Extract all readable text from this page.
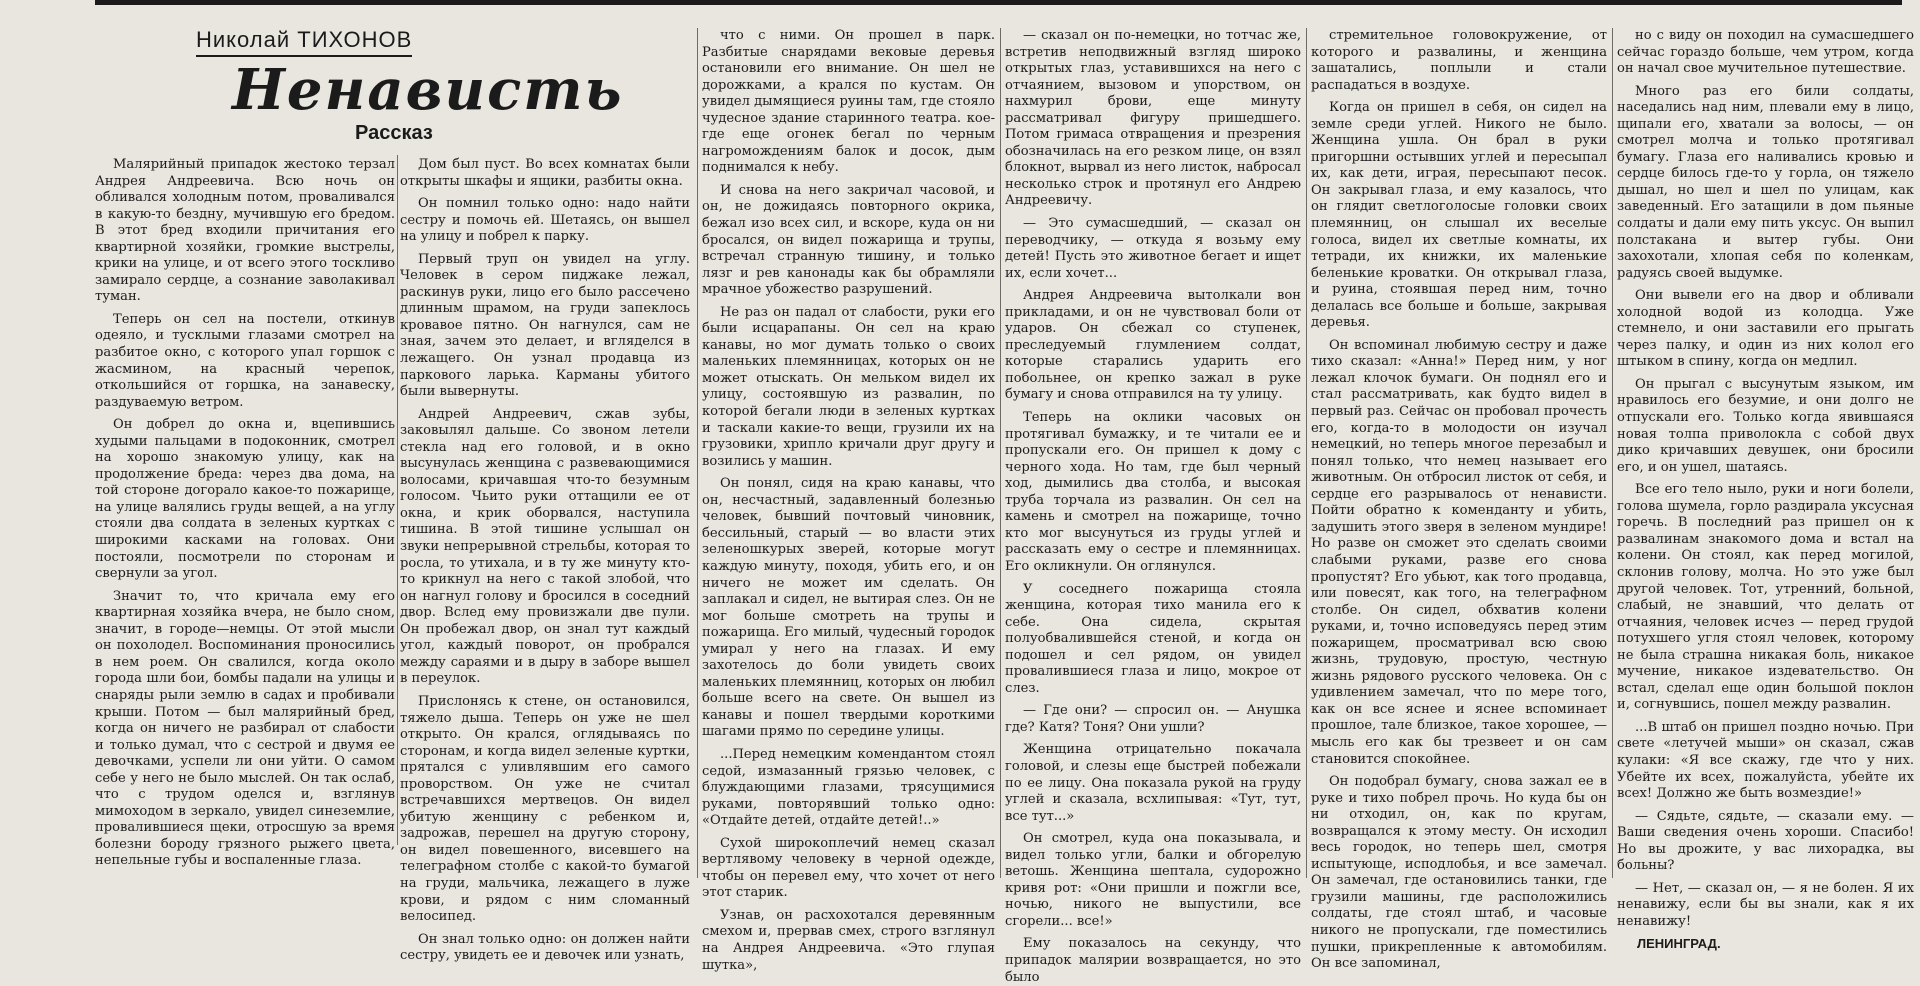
Николай ТИХОНОВ
Ненависть
Рассказ

Малярийный припадок жестоко терзал Андрея Андреевича. Всю ночь он обливался холодным потом, проваливался в какую-то бездну, мучившую его бредом. В этот бред входили причитания его квартирной хозяйки, громкие выстрелы, крики на улице, и от всего этого тоскливо замирало сердце, а сознание заволакивал туман.

Теперь он сел на постели, откинув одеяло, и тусклыми глазами смотрел на разбитое окно, с которого упал горшок с жасмином, на красный черепок, откольшийся от горшка, на занавеску, раздуваемую ветром.

Он добрел до окна и, вцепившись худыми пальцами в подоконник, смотрел на хорошо знакомую улицу, как на продолжение бреда: через два дома, на той стороне догорало какое-то пожарище, на улице валялись груды вещей, а на углу стояли два солдата в зеленых куртках с широкими касками на головах. Они постояли, посмотрели по сторонам и свернули за угол.

Значит то, что кричала ему его квартирная хозяйка вчера, не было сном, значит, в городе—немцы. От этой мысли он похолодел. Воспоминания проносились в нем роем. Он свалился, когда около города шли бои, бомбы падали на улицы и снаряды рыли землю в садах и пробивали крыши. Потом — был малярийный бред, когда он ничего не разбирал от слабости и только думал, что с сестрой и двумя ее девочками, успели ли они уйти. О самом себе у него не было мыслей. Он так ослаб, что с трудом оделся и, взглянув мимоходом в зеркало, увидел синеземлие, провалившиеся щеки, отросшую за время болезни бороду грязного рыжего цвета, непельные губы и воспаленные глаза.

Дом был пуст. Во всех комнатах были открыты шкафы и ящики, разбиты окна.

Он помнил только одно: надо найти сестру и помочь ей. Шетаясь, он вышел на улицу и побрел к парку.

Первый труп он увидел на углу. Человек в сером пиджаке лежал, раскинув руки, лицо его было рассечено длинным шрамом, на груди запеклось кровавое пятно. Он нагнулся, сам не зная, зачем это делает, и вгляделся в лежащего. Он узнал продавца из паркового ларька. Карманы убитого были вывернуты.

Андрей Андреевич, сжав зубы, заковылял дальше. Со звоном летели стекла над его головой, и в окно высунулась женщина с развевающимися волосами, кричавшая что-то безумным голосом. Чьито руки оттащили ее от окна, и крик оборвался, наступила тишина. В этой тишине услышал он звуки непрерывной стрельбы, которая то росла, то утихала, и в ту же минуту кто-то крикнул на него с такой злобой, что он нагнул голову и бросился в соседний двор. Вслед ему провизжали две пули. Он пробежал двор, он знал тут каждый угол, каждый поворот, он пробрался между сараями и в дыру в заборе вышел в переулок.

Прислонясь к стене, он остановился, тяжело дыша. Теперь он уже не шел открыто. Он крался, оглядываясь по сторонам, и когда видел зеленые куртки, прятался с уливлявшим его самого проворством. Он уже не считал встречавшихся мертвецов. Он видел убитую женщину с ребенком и, задрожав, перешел на другую сторону, он видел повешенного, висевшего на телеграфном столбе с какой-то бумагой на груди, мальчика, лежащего в луже крови, и рядом с ним сломанный велосипед.

Он знал только одно: он должен найти сестру, увидеть ее и девочек или узнать,

что с ними. Он прошел в парк. Разбитые снарядами вековые деревья остановили его внимание. Он шел не дорожками, а крался по кустам. Он увидел дымящиеся руины там, где стояло чудесное здание старинного театра. кое-где еще огонек бегал по черным нагромождениям балок и досок, дым поднимался к небу.

И снова на него закричал часовой, и он, не дожидаясь повторного окрика, бежал изо всех сил, и вскоре, куда он ни бросался, он видел пожарища и трупы, встречал странную тишину, и только лязг и рев канонады как бы обрамляли мрачное убожество разрушений.

Не раз он падал от слабости, руки его были исцарапаны. Он сел на краю канавы, но мог думать только о своих маленьких племянницах, которых он не может отыскать. Он мельком видел их улицу, состоявшую из развалин, по которой бегали люди в зеленых куртках и таскали какие-то вещи, грузили их на грузовики, хрипло кричали друг другу и возились у машин.

Он понял, сидя на краю канавы, что он, несчастный, задавленный болезнью человек, бывший почтовый чиновник, бессильный, старый — во власти этих зеленошкурых зверей, которые могут каждую минуту, походя, убить его, и он ничего не может им сделать. Он заплакал и сидел, не вытирая слез. Он не мог больше смотреть на трупы и пожарища. Его милый, чудесный городок умирал у него на глазах. И ему захотелось до боли увидеть своих маленьких племянниц, которых он любил больше всего на свете. Он вышел из канавы и пошел твердыми короткими шагами прямо по середине улицы.

...Перед немецким комендантом стоял седой, измазанный грязью человек, с блуждающими глазами, трясущимися руками, повторявший только одно: «Отдайте детей, отдайте детей!..»

Сухой широкоплечий немец сказал вертлявому человеку в черной одежде, чтобы он перевел ему, что хочет от него этот старик.

Узнав, он расхохотался деревянным смехом и, прервав смех, строго взглянул на Андрея Андреевича. «Это глупая шутка»,

— сказал он по-немецки, но тотчас же, встретив неподвижный взгляд широко открытых глаз, уставившихся на него с отчаянием, вызовом и упорством, он нахмурил брови, еще минуту рассматривал фигуру пришедшего. Потом гримаса отвращения и презрения обозначилась на его резком лице, он взял блокнот, вырвал из него листок, набросал несколько строк и протянул его Андрею Андреевичу.

— Это сумасшедший, — сказал он переводчику, — откуда я возьму ему детей! Пусть это животное бегает и ищет их, если хочет...

Андрея Андреевича вытолкали вон прикладами, и он не чувствовал боли от ударов. Он сбежал со ступенек, преследуемый глумлением солдат, которые старались ударить его побольнее, он крепко зажал в руке бумагу и снова отправился на ту улицу.

Теперь на оклики часовых он протягивал бумажку, и те читали ее и пропускали его. Он пришел к дому с черного хода. Но там, где был черный ход, дымились два столба, и высокая труба торчала из развалин. Он сел на камень и смотрел на пожарище, точно кто мог высунуться из груды углей и рассказать ему о сестре и племянницах. Его окликнули. Он оглянулся.

У соседнего пожарища стояла женщина, которая тихо манила его к себе. Она сидела, скрытая полуобвалившейся стеной, и когда он подошел и сел рядом, он увидел провалившиеся глаза и лицо, мокрое от слез.

— Где они? — спросил он. — Анушка где? Катя? Тоня? Они ушли?

Женщина отрицательно покачала головой, и слезы еще быстрей побежали по ее лицу. Она показала рукой на груду углей и сказала, всхлипывая: «Тут, тут, все тут...»

Он смотрел, куда она показывала, и видел только угли, балки и обгорелую ветошь. Женщина шептала, судорожно кривя рот: «Они пришли и пожгли все, ночью, никого не выпустили, все сгорели... все!»

Ему показалось на секунду, что припадок малярии возвращается, но это было

стремительное головокружение, от которого и развалины, и женщина зашатались, поплыли и стали распадаться в воздухе.

Когда он пришел в себя, он сидел на земле среди углей. Никого не было. Женщина ушла. Он брал в руки пригоршни остывших углей и пересыпал их, как дети, играя, пересыпают песок. Он закрывал глаза, и ему казалось, что он глядит светлоголосые головки своих племянниц, он слышал их веселые голоса, видел их светлые комнаты, их тетради, их книжки, их маленькие беленькие кроватки. Он открывал глаза, и руина, стоявшая перед ним, точно делалась все больше и больше, закрывая деревья.

Он вспоминал любимую сестру и даже тихо сказал: «Анна!» Перед ним, у ног лежал клочок бумаги. Он поднял его и стал рассматривать, как будто видел в первый раз. Сейчас он пробовал прочесть его, когда-то в молодости он изучал немецкий, но теперь многое перезабыл и понял только, что немец называет его животным. Он отбросил листок от себя, и сердце его разрывалось от ненависти. Пойти обратно к коменданту и убить, задушить этого зверя в зеленом мундире! Но разве он сможет это сделать своими слабыми руками, разве его снова пропустят? Его убьют, как того продавца, или повесят, как того, на телеграфном столбе. Он сидел, обхватив колени руками, и, точно исповедуясь перед этим пожарищем, просматривал всю свою жизнь, трудовую, простую, честную жизнь рядового русского человека. Он с удивлением замечал, что по мере того, как он все яснее и яснее вспоминает прошлое, тале близкое, такое хорошее, — мысль его как бы трезвеет и он сам становится спокойнее.

Он подобрал бумагу, снова зажал ее в руке и тихо побрел прочь. Но куда бы он ни отходил, он, как по кругам, возвращался к этому месту. Он исходил весь городок, но теперь шел, смотря испытующе, исподлобья, и все замечал. Он замечал, где остановились танки, где грузили машины, где расположились солдаты, где стоял штаб, и часовые никого не пропускали, где поместились пушки, прикрепленные к автомобилям. Он все запоминал,

но с виду он походил на сумасшедшего сейчас гораздо больше, чем утром, когда он начал свое мучительное путешествие.

Много раз его били солдаты, наседались над ним, плевали ему в лицо, щипали его, хватали за волосы, — он смотрел молча и только протягивал бумагу. Глаза его наливались кровью и сердце билось где-то у горла, он тяжело дышал, но шел и шел по улицам, как заведенный. Его затащили в дом пьяные солдаты и дали ему пить уксус. Он выпил полстакана и вытер губы. Они захохотали, хлопая себя по коленкам, радуясь своей выдумке.

Они вывели его на двор и обливали холодной водой из колодца. Уже стемнело, и они заставили его прыгать через палку, и один из них колол его штыком в спину, когда он медлил.

Он прыгал с высунутым языком, им нравилось его безумие, и они долго не отпускали его. Только когда явившаяся новая толпа приволокла с собой двух дико кричавших девушек, они бросили его, и он ушел, шатаясь.

Все его тело ныло, руки и ноги болели, голова шумела, горло раздирала уксусная горечь. В последний раз пришел он к развалинам знакомого дома и встал на колени. Он стоял, как перед могилой, склонив голову, молча. Но это уже был другой человек. Тот, утренний, больной, слабый, не знавший, что делать от отчаяния, человек исчез — перед грудой потухшего угля стоял человек, которому не была страшна никакая боль, никакое мучение, никакое издевательство. Он встал, сделал еще один большой поклон и, согнувшись, пошел между развалин.

...В штаб он пришел поздно ночью. При свете «летучей мыши» он сказал, сжав кулаки: «Я все скажу, где что у них. Убейте их всех, пожалуйста, убейте их всех! Должно же быть возмездие!»

— Сядьте, сядьте, — сказали ему. — Ваши сведения очень хороши. Спасибо! Но вы дрожите, у вас лихорадка, вы больны?

— Нет, — сказал он, — я не болен. Я их ненавижу, если бы вы знали, как я их ненавижу!

ЛЕНИНГРАД.
